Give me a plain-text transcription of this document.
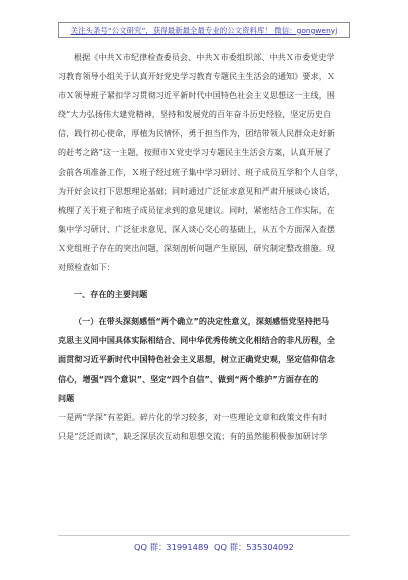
关注头条号“公文研究”，获得最新最全最专业的公文资料库！ 微信：gongwenyj
根据《中共Ｘ市纪律检查委员会、中共Ｘ市委组织部、中共Ｘ市委党史学
习教育领导小组关于认真开好党史学习教育专题民主生活会的通知》要求，Ｘ
市Ｘ领导班子紧扣学习贯彻习近平新时代中国特色社会主义思想这一主线，围
绕“大力弘扬伟大建党精神，坚持和发展党的百年奋斗历史经验，坚定历史自
信，践行初心使命，厚植为民情怀，勇于担当作为，团结带领人民群众走好新
的赶考之路”这一主题，按照市Ｘ党史学习专题民主生活会方案，认真开展了
会前各项准备工作，Ｘ班子经过班子集中学习研讨、班子成员互学和个人自学，
为开好会议打下思想理论基础；同时通过广泛征求意见和严肃开展谈心谈话，
梳理了关于班子和班子成员征求到的意见建议。同时，紧密结合工作实际，在
集中学习研讨、广泛征求意见、深入谈心交心的基础上，从五个方面深入查摆
Ｘ党组班子存在的突出问题，深刻剖析问题产生原因，研究制定整改措施。现
对照检查如下：
一、存在的主要问题
（一）在带头深刻感悟“两个确立”的决定性意义，深刻感悟党坚持把马
克思主义同中国具体实际相结合、同中华优秀传统文化相结合的非凡历程，全
面贯彻习近平新时代中国特色社会主义思想，树立正确党史观，坚定信仰信念
信心，增强“四个意识”、坚定“四个自信”、做到“两个维护”方面存在的
问题
一是两“学深”有差距。碎片化的学习较多，对一些理论文章和政策文件有时
只是“泛泛而读”，缺乏深层次互动和思想交流；有的虽然能积极参加研讨学
QQ 群：31991489 QQ 群：535304092
